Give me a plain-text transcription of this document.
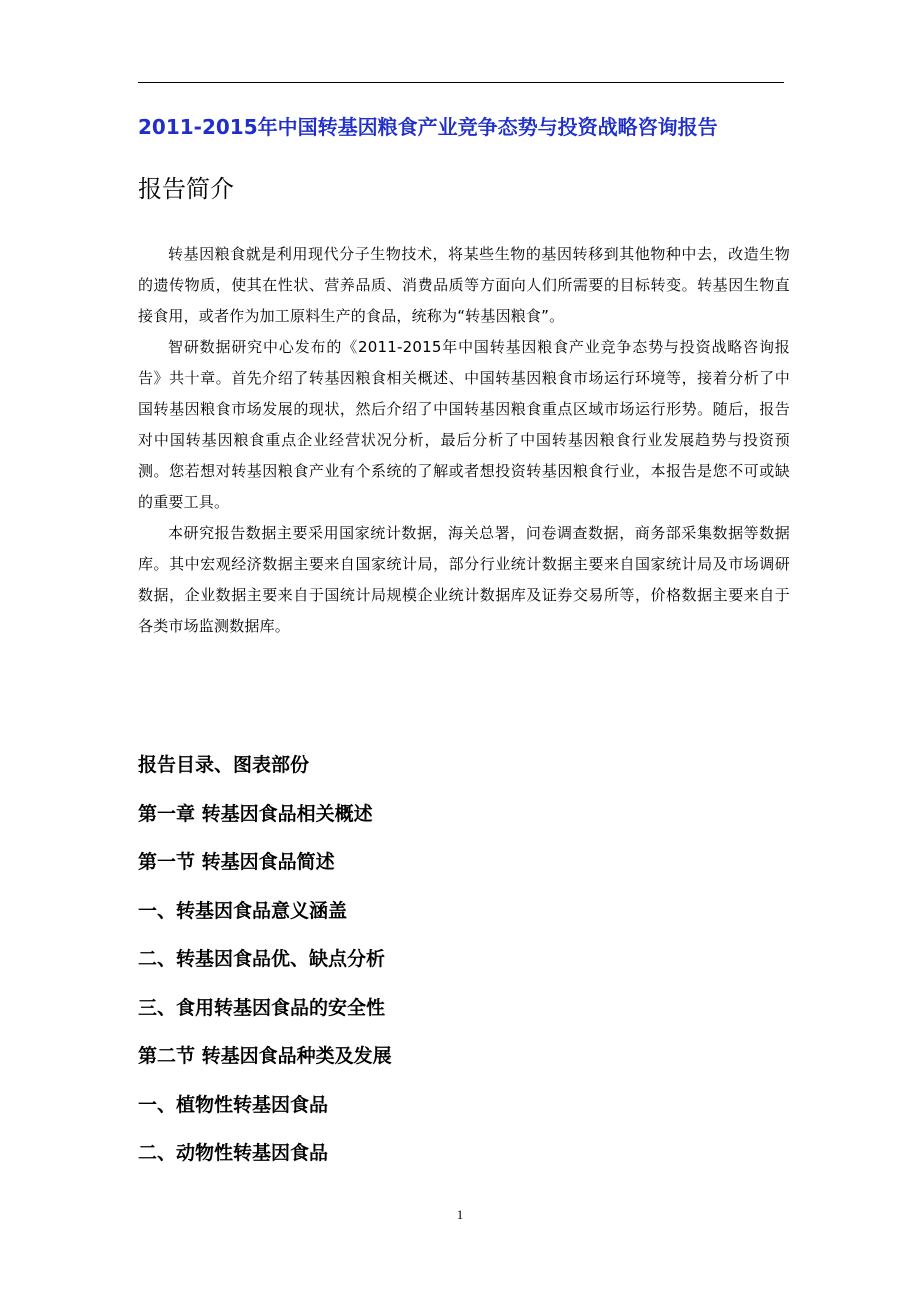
2011-2015年中国转基因粮食产业竞争态势与投资战略咨询报告
报告简介

转基因粮食就是利用现代分子生物技术，将某些生物的基因转移到其他物种中去，改造生物的遗传物质，使其在性状、营养品质、消费品质等方面向人们所需要的目标转变。转基因生物直接食用，或者作为加工原料生产的食品，统称为“转基因粮食”。

智研数据研究中心发布的《2011-2015年中国转基因粮食产业竞争态势与投资战略咨询报告》共十章。首先介绍了转基因粮食相关概述、中国转基因粮食市场运行环境等，接着分析了中国转基因粮食市场发展的现状，然后介绍了中国转基因粮食重点区域市场运行形势。随后，报告对中国转基因粮食重点企业经营状况分析，最后分析了中国转基因粮食行业发展趋势与投资预测。您若想对转基因粮食产业有个系统的了解或者想投资转基因粮食行业，本报告是您不可或缺的重要工具。

本研究报告数据主要采用国家统计数据，海关总署，问卷调查数据，商务部采集数据等数据库。其中宏观经济数据主要来自国家统计局，部分行业统计数据主要来自国家统计局及市场调研数据，企业数据主要来自于国统计局规模企业统计数据库及证券交易所等，价格数据主要来自于各类市场监测数据库。

报告目录、图表部份
第一章 转基因食品相关概述
第一节 转基因食品简述
一、转基因食品意义涵盖
二、转基因食品优、缺点分析
三、食用转基因食品的安全性
第二节 转基因食品种类及发展
一、植物性转基因食品
二、动物性转基因食品
1
